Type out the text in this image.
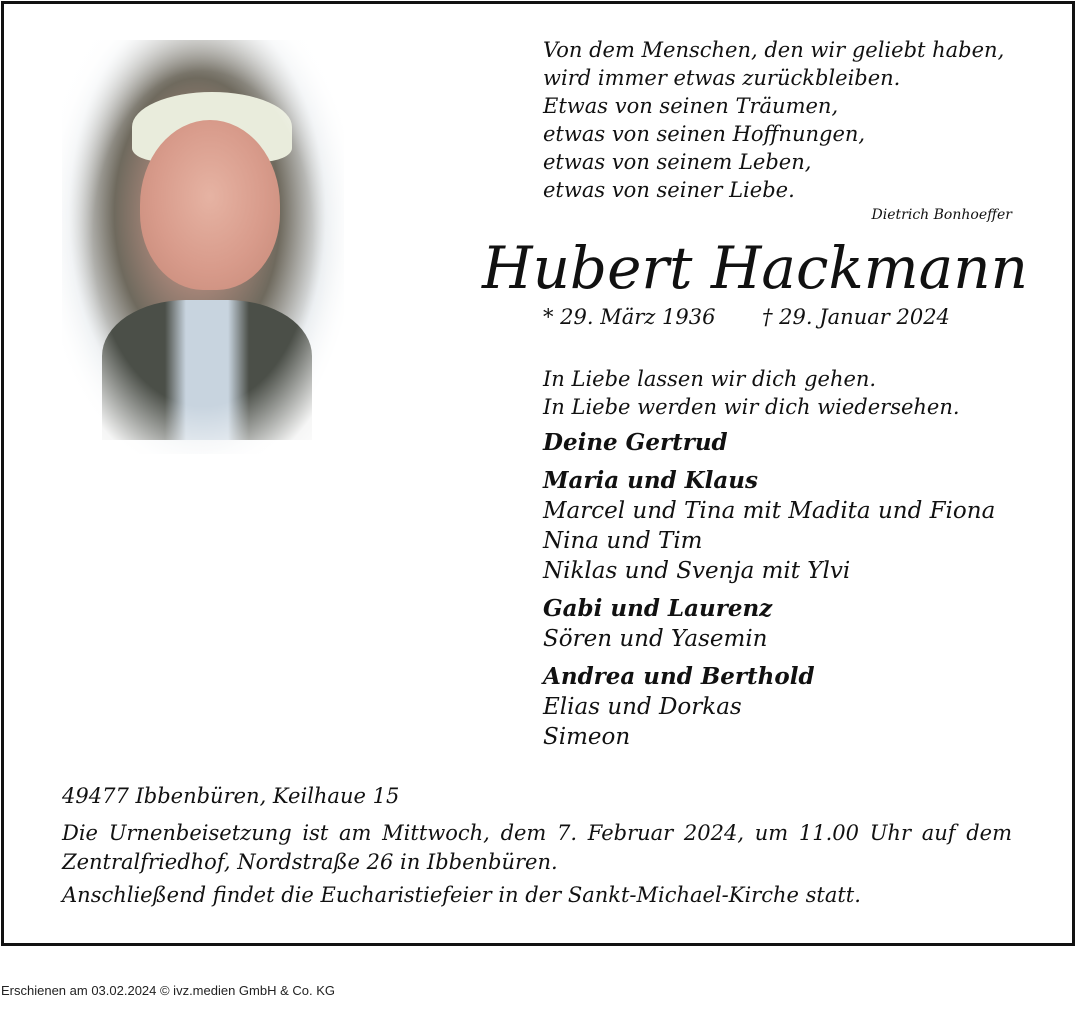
Von dem Menschen, den wir geliebt haben,
wird immer etwas zurückbleiben.
Etwas von seinen Träumen,
etwas von seinen Hoffnungen,
etwas von seinem Leben,
etwas von seiner Liebe.
Dietrich Bonhoeffer
Hubert Hackmann
* 29. März 1936 † 29. Januar 2024
In Liebe lassen wir dich gehen.
In Liebe werden wir dich wiedersehen.
Deine Gertrud
Maria und Klaus
Marcel und Tina mit Madita und Fiona
Nina und Tim
Niklas und Svenja mit Ylvi
Gabi und Laurenz
Sören und Yasemin
Andrea und Berthold
Elias und Dorkas
Simeon
49477 Ibbenbüren, Keilhaue 15
Die Urnenbeisetzung ist am Mittwoch, dem 7. Februar 2024, um 11.00 Uhr auf dem Zentralfriedhof, Nordstraße 26 in Ibbenbüren.
Anschließend findet die Eucharistiefeier in der Sankt-Michael-Kirche statt.
Erschienen am 03.02.2024 © ivz.medien GmbH & Co. KG
